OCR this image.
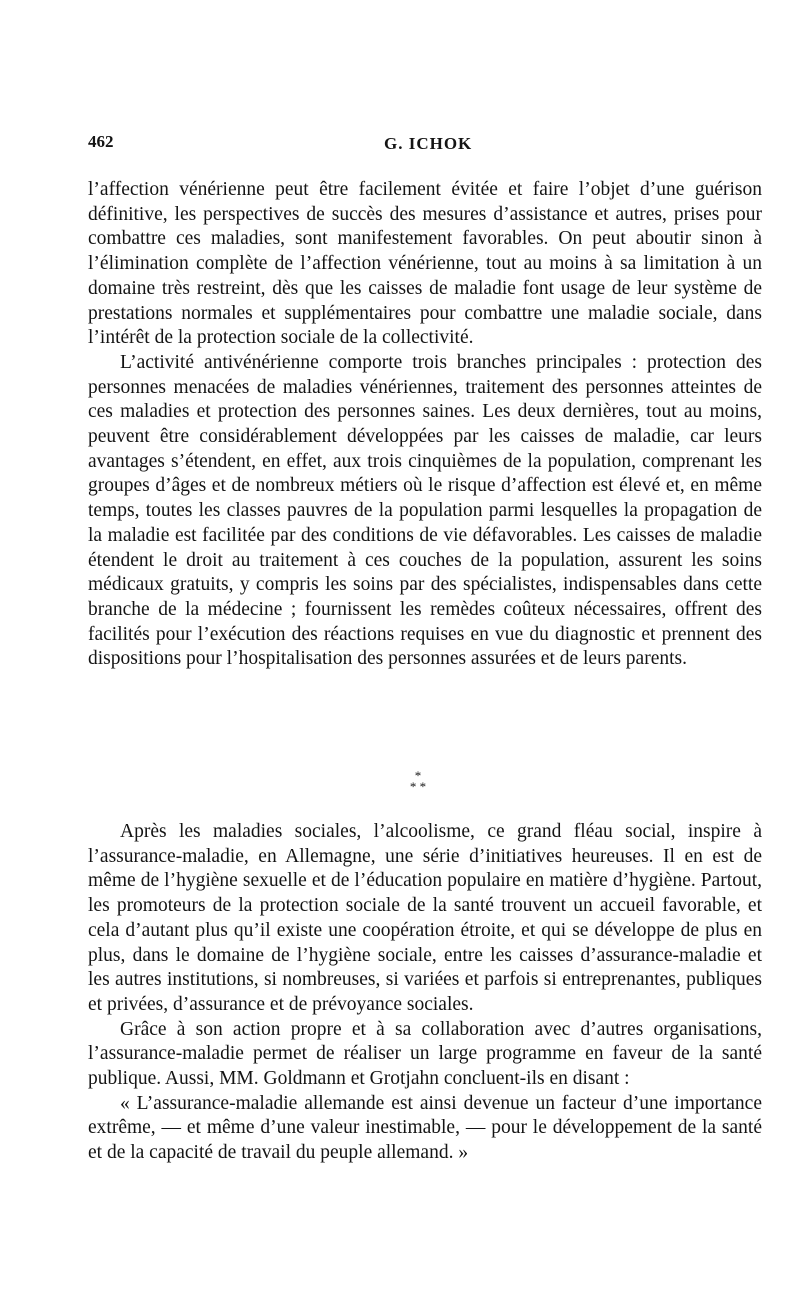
462	G. ICHOK

l’affection vénérienne peut être facilement évitée et faire l’objet d’une guérison définitive, les perspectives de succès des mesures d’assistance et autres, prises pour combattre ces maladies, sont manifestement favorables. On peut aboutir sinon à l’élimination complète de l’affection vénérienne, tout au moins à sa limitation à un domaine très restreint, dès que les caisses de maladie font usage de leur système de prestations normales et supplémentaires pour combattre une maladie sociale, dans l’intérêt de la protection sociale de la collectivité.

L’activité antivénérienne comporte trois branches principales : protection des personnes menacées de maladies vénériennes, traitement des personnes atteintes de ces maladies et protection des personnes saines. Les deux dernières, tout au moins, peuvent être considérablement développées par les caisses de maladie, car leurs avantages s’étendent, en effet, aux trois cinquièmes de la population, comprenant les groupes d’âges et de nombreux métiers où le risque d’affection est élevé et, en même temps, toutes les classes pauvres de la population parmi lesquelles la propagation de la maladie est facilitée par des conditions de vie défavorables. Les caisses de maladie étendent le droit au traitement à ces couches de la population, assurent les soins médicaux gratuits, y compris les soins par des spécialistes, indispensables dans cette branche de la médecine ; fournissent les remèdes coûteux nécessaires, offrent des facilités pour l’exécution des réactions requises en vue du diagnostic et prennent des dispositions pour l’hospitalisation des personnes assurées et de leurs parents.

*
* *

Après les maladies sociales, l’alcoolisme, ce grand fléau social, inspire à l’assurance-maladie, en Allemagne, une série d’initiatives heureuses. Il en est de même de l’hygiène sexuelle et de l’éducation populaire en matière d’hygiène. Partout, les promoteurs de la protection sociale de la santé trouvent un accueil favorable, et cela d’autant plus qu’il existe une coopération étroite, et qui se développe de plus en plus, dans le domaine de l’hygiène sociale, entre les caisses d’assurance-maladie et les autres institutions, si nombreuses, si variées et parfois si entreprenantes, publiques et privées, d’assurance et de prévoyance sociales.

Grâce à son action propre et à sa collaboration avec d’autres organisations, l’assurance-maladie permet de réaliser un large programme en faveur de la santé publique. Aussi, MM. Goldmann et Grotjahn concluent-ils en disant :

« L’assurance-maladie allemande est ainsi devenue un facteur d’une importance extrême, — et même d’une valeur inestimable, — pour le développement de la santé et de la capacité de travail du peuple allemand. »
